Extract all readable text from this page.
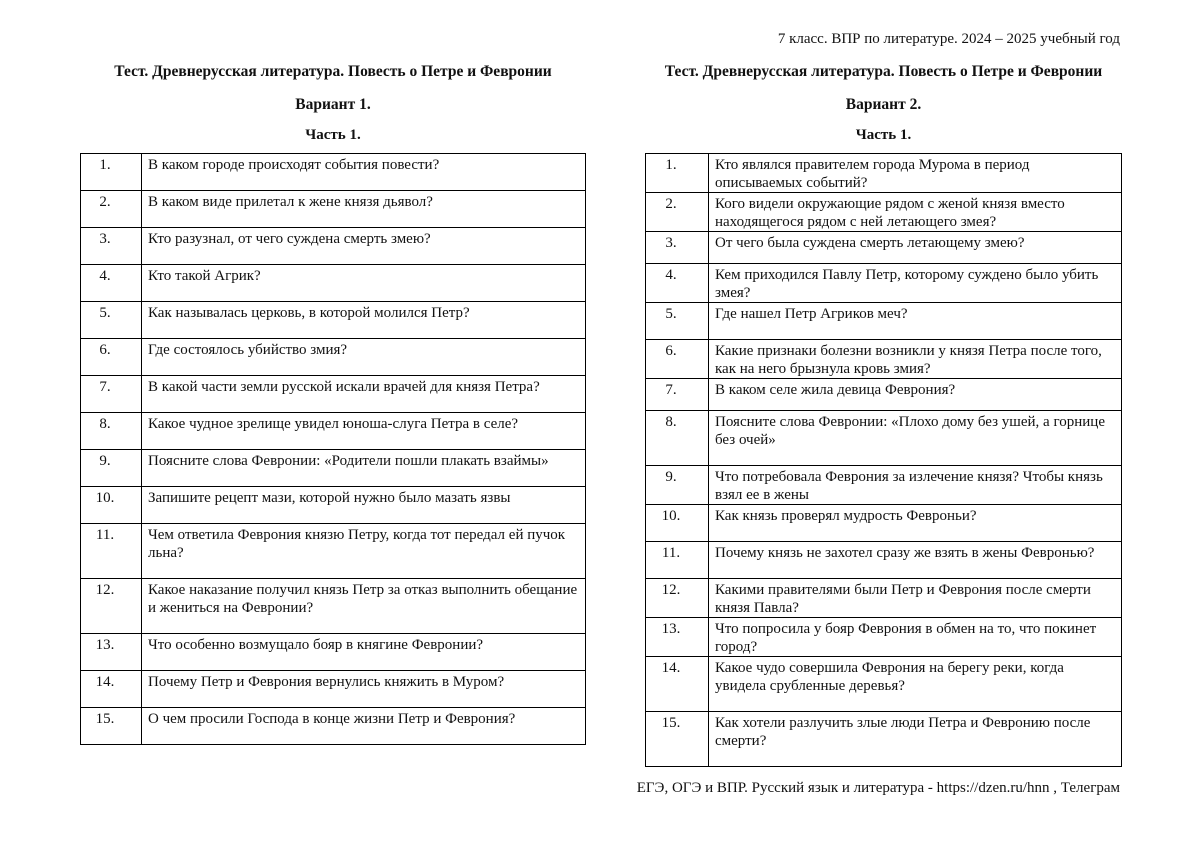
7 класс. ВПР по литературе. 2024 – 2025 учебный год
Тест. Древнерусская литература. Повесть о Петре и Февронии
Вариант 1.
Часть 1.
1.	В каком городе происходят события повести?
2.	В каком виде прилетал к жене князя дьявол?
3.	Кто разузнал, от чего суждена смерть змею?
4.	Кто такой Агрик?
5.	Как называлась церковь, в которой молился Петр?
6.	Где состоялось убийство змия?
7.	В какой части земли русской искали врачей для князя Петра?
8.	Какое чудное зрелище увидел юноша-слуга Петра в селе?
9.	Поясните слова Февронии: «Родители пошли плакать взаймы»
10.	Запишите рецепт мази, которой нужно было мазать язвы
11.	Чем ответила Феврония князю Петру, когда тот передал ей пучок льна?
12.	Какое наказание получил князь Петр за отказ выполнить обещание и жениться на Февронии?
13.	Что особенно возмущало бояр в княгине Февронии?
14.	Почему Петр и Феврония вернулись княжить в Муром?
15.	О чем просили Господа в конце жизни Петр и Феврония?
Тест. Древнерусская литература. Повесть о Петре и Февронии
Вариант 2.
Часть 1.
1.	Кто являлся правителем города Мурома в период описываемых событий?
2.	Кого видели окружающие рядом с женой князя вместо находящегося рядом с ней летающего змея?
3.	От чего была суждена смерть летающему змею?
4.	Кем приходился Павлу Петр, которому суждено было убить змея?
5.	Где нашел Петр Агриков меч?
6.	Какие признаки болезни возникли у князя Петра после того, как на него брызнула кровь змия?
7.	В каком селе жила девица Феврония?
8.	Поясните слова Февронии: «Плохо дому без ушей, а горнице без очей»
9.	Что потребовала Феврония за излечение князя? Чтобы князь взял ее в жены
10.	Как князь проверял мудрость Февроньи?
11.	Почему князь не захотел сразу же взять в жены Февронью?
12.	Какими правителями были Петр и Феврония после смерти князя Павла?
13.	Что попросила у бояр Феврония в обмен на то, что покинет город?
14.	Какое чудо совершила Феврония на берегу реки, когда увидела срубленные деревья?
15.	Как хотели разлучить злые люди Петра и Февронию после смерти?
ЕГЭ, ОГЭ и ВПР. Русский язык и литература - https://dzen.ru/hnn , Телеграм
